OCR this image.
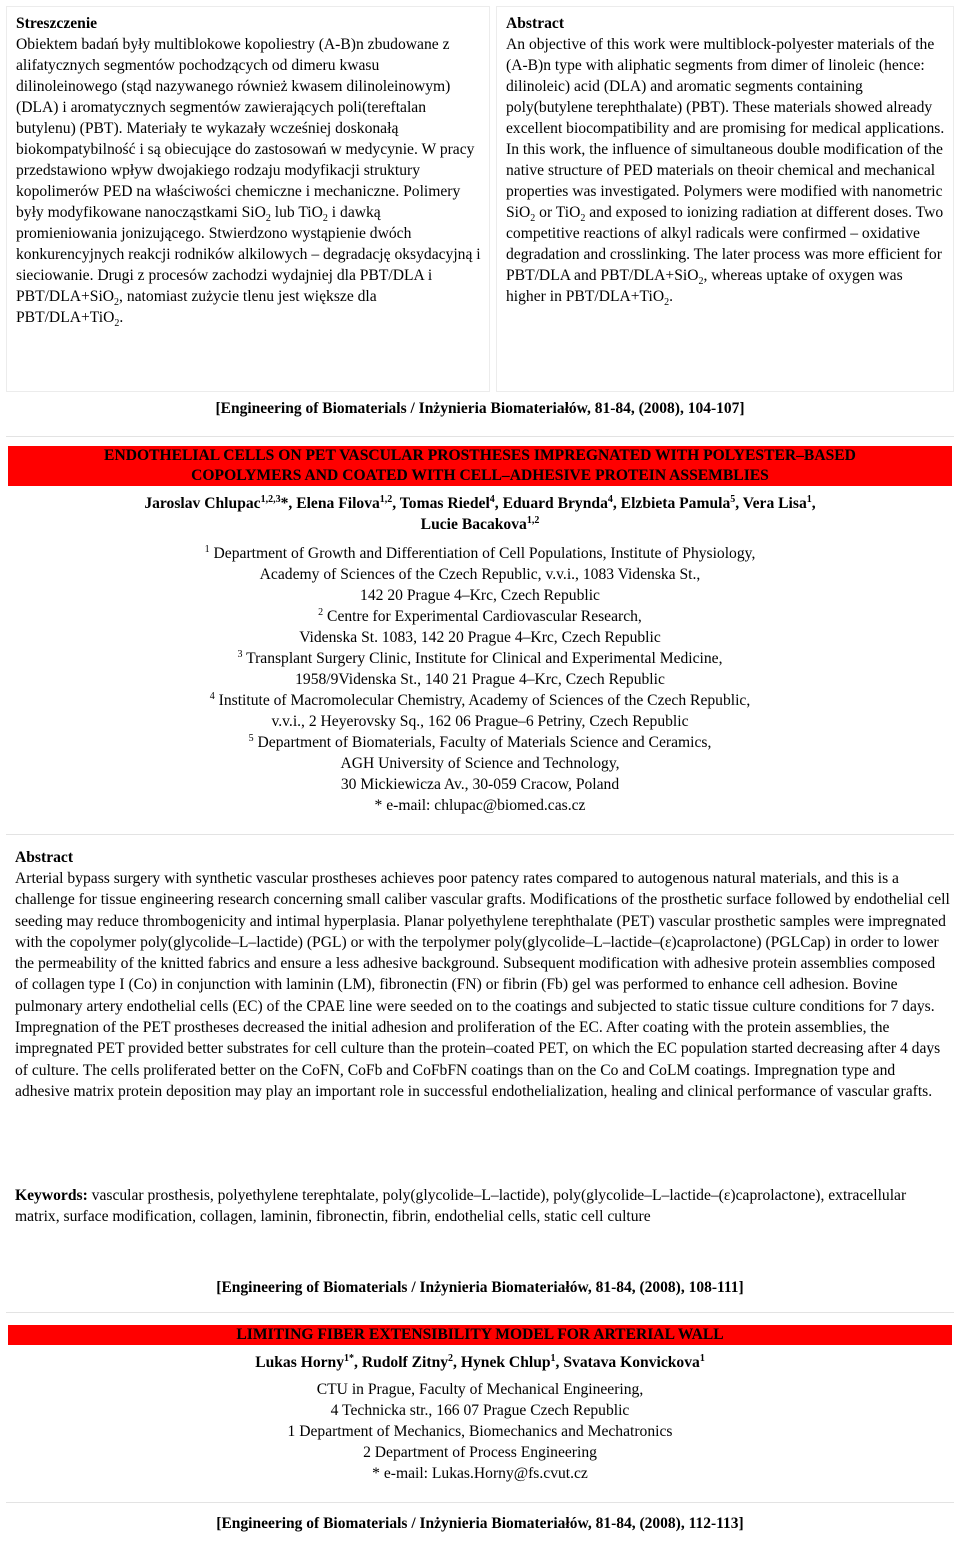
Streszczenie

Obiektem badań były multiblokowe kopoliestry (A-B)n zbudowane z alifatycznych segmentów pochodzących od dimeru kwasu dilinoleinowego (stąd nazywanego również kwasem dilinoleinowym) (DLA) i aromatycznych segmentów zawierających poli(tereftalan butylenu) (PBT). Materiały te wykazały wcześniej doskonałą biokompatybilność i są obiecujące do zastosowań w medycynie. W pracy przedstawiono wpływ dwojakiego rodzaju modyfikacji struktury kopolimerów PED na właściwości chemiczne i mechaniczne. Polimery były modyfikowane nanocząstkami SiO$_2$ lub TiO$_2$ i dawką promieniowania jonizującego. Stwierdzono wystąpienie dwóch konkurencyjnych reakcji rodników alkilowych – degradację oksydacyjną i sieciowanie. Drugi z procesów zachodzi wydajniej dla PBT/DLA i PBT/DLA+SiO$_2$, natomiast zużycie tlenu jest większe dla PBT/DLA+TiO$_2$.

Abstract

An objective of this work were multiblock-polyester materials of the (A-B)n type with aliphatic segments from dimer of linoleic (hence: dilinoleic) acid (DLA) and aromatic segments containing poly(butylene terephthalate) (PBT). These materials showed already excellent biocompatibility and are promising for medical applications. In this work, the influence of simultaneous double modification of the native structure of PED materials on theoir chemical and mechanical properties was investigated. Polymers were modified with nanometric SiO$_2$ or TiO$_2$ and exposed to ionizing radiation at different doses. Two competitive reactions of alkyl radicals were confirmed – oxidative degradation and crosslinking. The later process was more efficient for PBT/DLA and PBT/DLA+SiO$_2$, whereas uptake of oxygen was higher in PBT/DLA+TiO$_2$.

[Engineering of Biomaterials / Inżynieria Biomateriałów, 81-84, (2008), 104-107]
ENDOTHELIAL CELLS ON PET VASCULAR PROSTHESES IMPREGNATED WITH POLYESTER–BASED
COPOLYMERS AND COATED WITH CELL–ADHESIVE PROTEIN ASSEMBLIES
Jaroslav Chlupac$^{1,2,3}$*, Elena Filova$^{1,2}$, Tomas Riedel$^4$, Eduard Brynda$^4$, Elzbieta Pamula$^5$, Vera Lisa$^1$,
Lucie Bacakova$^{1,2}$
$^1$ Department of Growth and Differentiation of Cell Populations, Institute of Physiology,
Academy of Sciences of the Czech Republic, v.v.i., 1083 Videnska St.,
142 20 Prague 4–Krc, Czech Republic
$^2$ Centre for Experimental Cardiovascular Research,
Videnska St. 1083, 142 20 Prague 4–Krc, Czech Republic
$^3$ Transplant Surgery Clinic, Institute for Clinical and Experimental Medicine,
1958/9Videnska St., 140 21 Prague 4–Krc, Czech Republic
$^4$ Institute of Macromolecular Chemistry, Academy of Sciences of the Czech Republic,
v.v.i., 2 Heyerovsky Sq., 162 06 Prague–6 Petriny, Czech Republic
$^5$ Department of Biomaterials, Faculty of Materials Science and Ceramics,
AGH University of Science and Technology,
30 Mickiewicza Av., 30-059 Cracow, Poland
* e-mail: chlupac@biomed.cas.cz
Abstract

Arterial bypass surgery with synthetic vascular prostheses achieves poor patency rates compared to autogenous natural materials, and this is a challenge for tissue engineering research concerning small caliber vascular grafts. Modifications of the prosthetic surface followed by endothelial cell seeding may reduce thrombogenicity and intimal hyperplasia. Planar polyethylene terephthalate (PET) vascular prosthetic samples were impregnated with the copolymer poly(glycolide–L–lactide) (PGL) or with the terpolymer poly(glycolide–L–lactide–(ε)caprolactone) (PGLCap) in order to lower the permeability of the knitted fabrics and ensure a less adhesive background. Subsequent modification with adhesive protein assemblies composed of collagen type I (Co) in conjunction with laminin (LM), fibronectin (FN) or fibrin (Fb) gel was performed to enhance cell adhesion. Bovine pulmonary artery endothelial cells (EC) of the CPAE line were seeded on to the coatings and subjected to static tissue culture conditions for 7 days. Impregnation of the PET prostheses decreased the initial adhesion and proliferation of the EC. After coating with the protein assemblies, the impregnated PET provided better substrates for cell culture than the protein–coated PET, on which the EC population started decreasing after 4 days of culture. The cells proliferated better on the CoFN, CoFb and CoFbFN coatings than on the Co and CoLM coatings. Impregnation type and adhesive matrix protein deposition may play an important role in successful endothelialization, healing and clinical performance of vascular grafts.

Keywords: vascular prosthesis, polyethylene terephtalate, poly(glycolide–L–lactide), poly(glycolide–L–lactide–(ε)caprolactone), extracellular matrix, surface modification, collagen, laminin, fibronectin, fibrin, endothelial cells, static cell culture

[Engineering of Biomaterials / Inżynieria Biomateriałów, 81-84, (2008), 108-111]
LIMITING FIBER EXTENSIBILITY MODEL FOR ARTERIAL WALL
Lukas Horny$^{1*}$, Rudolf Zitny$^2$, Hynek Chlup$^1$, Svatava Konvickova$^1$
CTU in Prague, Faculty of Mechanical Engineering,
4 Technicka str., 166 07 Prague Czech Republic
1 Department of Mechanics, Biomechanics and Mechatronics
2 Department of Process Engineering
* e-mail: Lukas.Horny@fs.cvut.cz
[Engineering of Biomaterials / Inżynieria Biomateriałów, 81-84, (2008), 112-113]
